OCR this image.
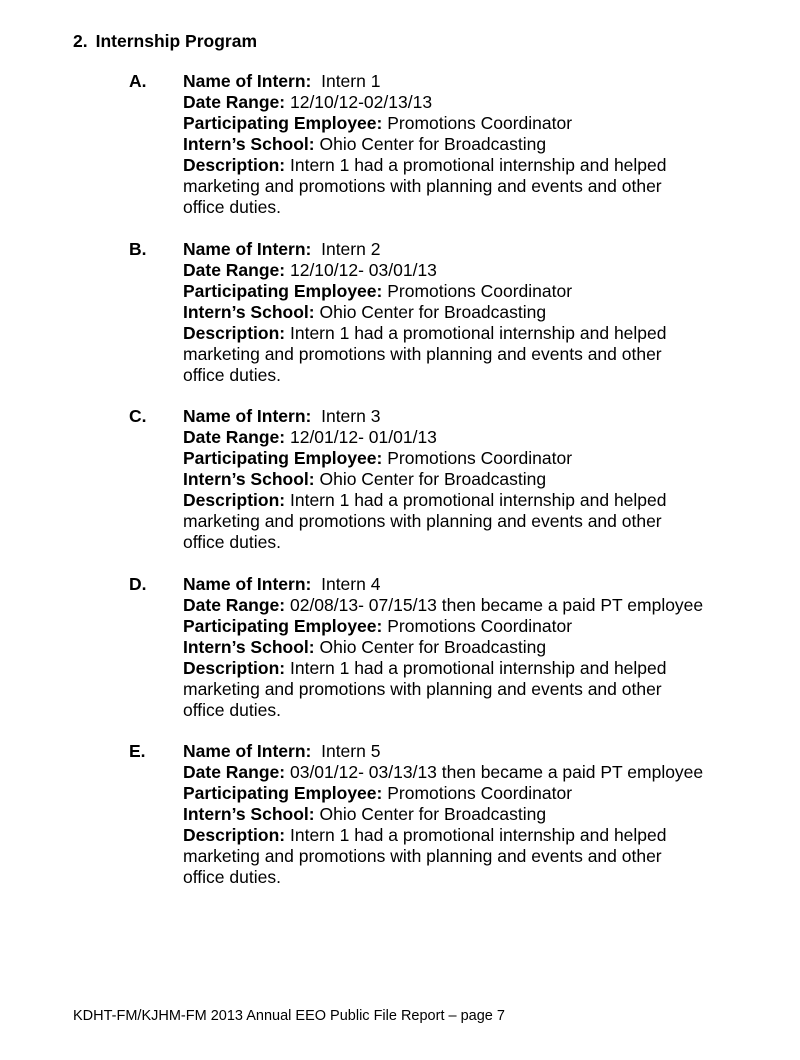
2. Internship Program
A. Name of Intern: Intern 1
Date Range: 12/10/12-02/13/13
Participating Employee: Promotions Coordinator
Intern’s School: Ohio Center for Broadcasting
Description: Intern 1 had a promotional internship and helped marketing and promotions with planning and events and other office duties.
B. Name of Intern: Intern 2
Date Range: 12/10/12- 03/01/13
Participating Employee: Promotions Coordinator
Intern’s School: Ohio Center for Broadcasting
Description: Intern 1 had a promotional internship and helped marketing and promotions with planning and events and other office duties.
C. Name of Intern: Intern 3
Date Range: 12/01/12- 01/01/13
Participating Employee: Promotions Coordinator
Intern’s School: Ohio Center for Broadcasting
Description: Intern 1 had a promotional internship and helped marketing and promotions with planning and events and other office duties.
D. Name of Intern: Intern 4
Date Range: 02/08/13- 07/15/13 then became a paid PT employee
Participating Employee: Promotions Coordinator
Intern’s School: Ohio Center for Broadcasting
Description: Intern 1 had a promotional internship and helped marketing and promotions with planning and events and other office duties.
E. Name of Intern: Intern 5
Date Range: 03/01/12- 03/13/13 then became a paid PT employee
Participating Employee: Promotions Coordinator
Intern’s School: Ohio Center for Broadcasting
Description: Intern 1 had a promotional internship and helped marketing and promotions with planning and events and other office duties.
KDHT-FM/KJHM-FM 2013 Annual EEO Public File Report – page 7
